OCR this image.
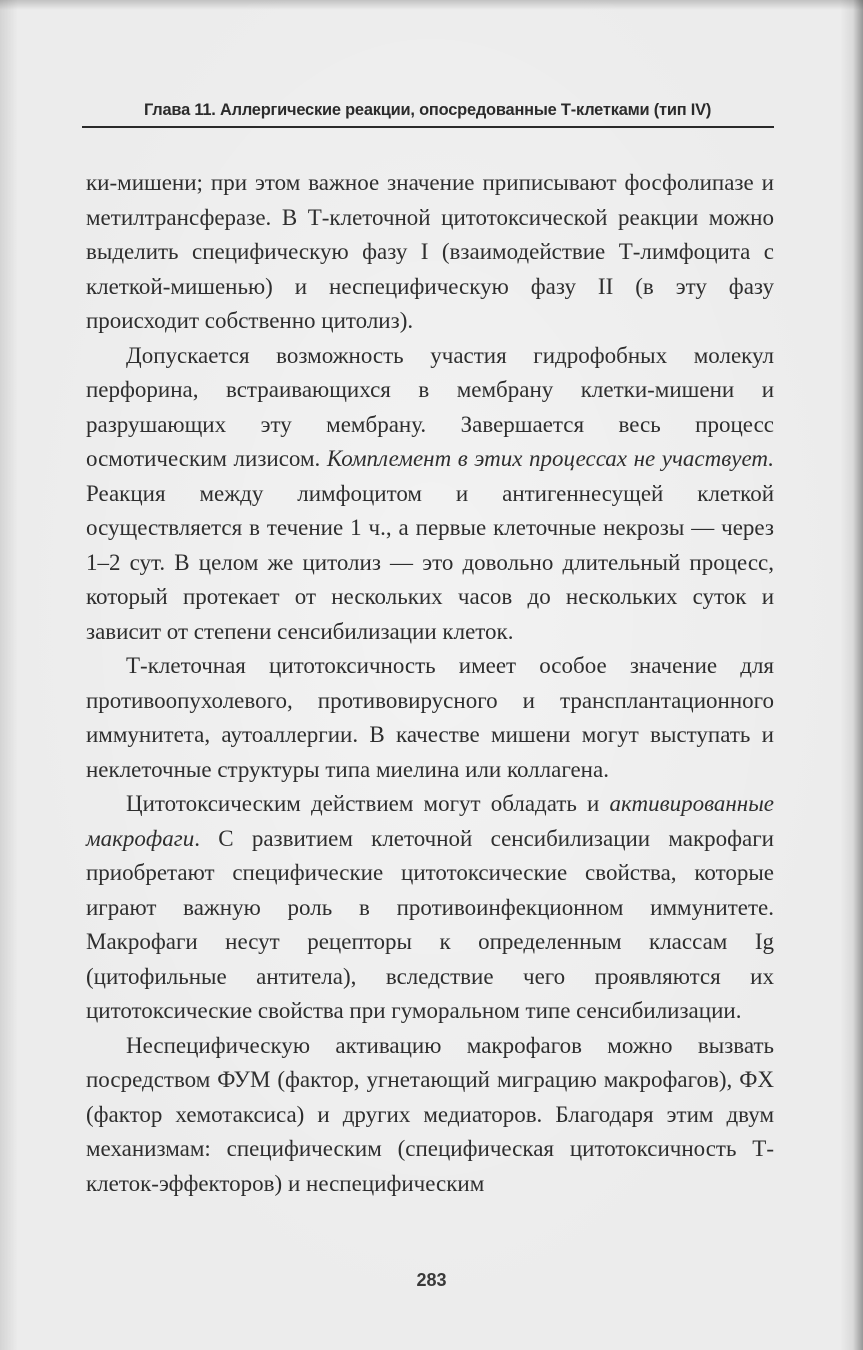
Глава 11. Аллергические реакции, опосредованные Т-клетками (тип IV)

ки-мишени; при этом важное значение приписывают фосфолипазе и метилтрансферазе. В Т-клеточной цитотоксической реакции можно выделить специфическую фазу I (взаимодействие Т-лимфоцита с клеткой-мишенью) и неспецифическую фазу II (в эту фазу происходит собственно цитолиз).

Допускается возможность участия гидрофобных молекул перфорина, встраивающихся в мембрану клетки-мишени и разрушающих эту мембрану. Завершается весь процесс осмотическим лизисом. Комплемент в этих процессах не участвует. Реакция между лимфоцитом и антигеннесущей клеткой осуществляется в течение 1 ч., а первые клеточные некрозы — через 1–2 сут. В целом же цитолиз — это довольно длительный процесс, который протекает от нескольких часов до нескольких суток и зависит от степени сенсибилизации клеток.

Т-клеточная цитотоксичность имеет особое значение для противоопухолевого, противовирусного и трансплантационного иммунитета, аутоаллергии. В качестве мишени могут выступать и неклеточные структуры типа миелина или коллагена.

Цитотоксическим действием могут обладать и активированные макрофаги. С развитием клеточной сенсибилизации макрофаги приобретают специфические цитотоксические свойства, которые играют важную роль в противоинфекционном иммунитете. Макрофаги несут рецепторы к определенным классам Ig (цитофильные антитела), вследствие чего проявляются их цитотоксические свойства при гуморальном типе сенсибилизации.

Неспецифическую активацию макрофагов можно вызвать посредством ФУМ (фактор, угнетающий миграцию макрофагов), ФХ (фактор хемотаксиса) и других медиаторов. Благодаря этим двум механизмам: специфическим (специфическая цитотоксичность Т-клеток-эффекторов) и неспецифическим

283
